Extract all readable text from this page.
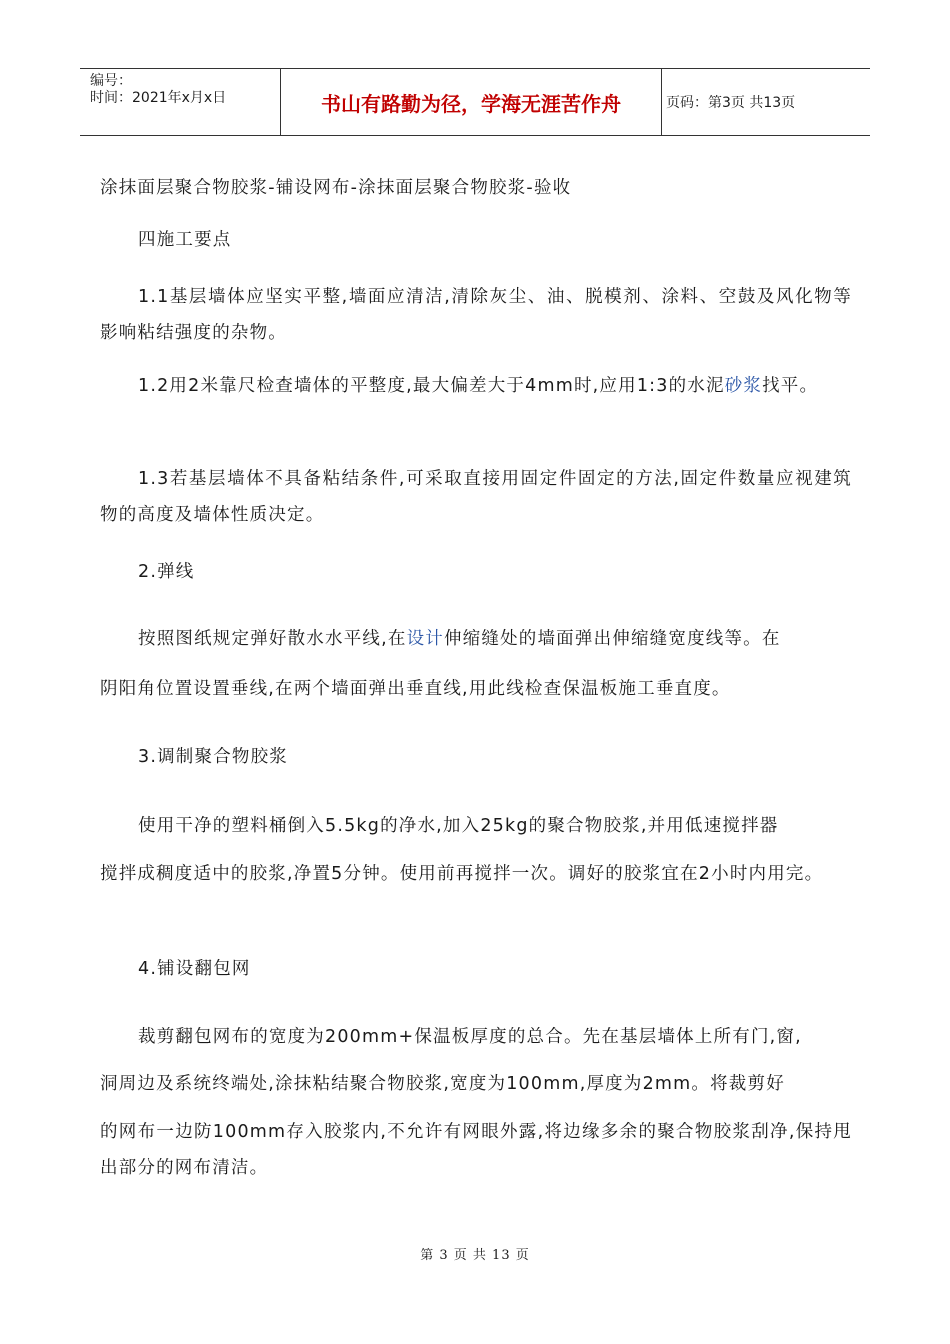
编号：
时间：2021年x月x日	书山有路勤为径，学海无涯苦作舟	页码：第3页 共13页
涂抹面层聚合物胶浆-铺设网布-涂抹面层聚合物胶浆-验收
四施工要点
1.1基层墙体应坚实平整,墙面应清洁,清除灰尘、油、脱模剂、涂料、空鼓及风化物等影响粘结强度的杂物。
1.2用2米靠尺检查墙体的平整度,最大偏差大于4mm时,应用1:3的水泥砂浆找平。
1.3若基层墙体不具备粘结条件,可采取直接用固定件固定的方法,固定件数量应视建筑物的高度及墙体性质决定。
2.弹线
按照图纸规定弹好散水水平线,在设计伸缩缝处的墙面弹出伸缩缝宽度线等。在
阴阳角位置设置垂线,在两个墙面弹出垂直线,用此线检查保温板施工垂直度。
3.调制聚合物胶浆
使用干净的塑料桶倒入5.5kg的净水,加入25kg的聚合物胶浆,并用低速搅拌器
搅拌成稠度适中的胶浆,净置5分钟。使用前再搅拌一次。调好的胶浆宜在2小时内用完。
4.铺设翻包网
裁剪翻包网布的宽度为200mm+保温板厚度的总合。先在基层墙体上所有门,窗,
洞周边及系统终端处,涂抹粘结聚合物胶浆,宽度为100mm,厚度为2mm。将裁剪好
的网布一边防100mm存入胶浆内,不允许有网眼外露,将边缘多余的聚合物胶浆刮净,保持甩出部分的网布清洁。
第 3 页 共 13 页
